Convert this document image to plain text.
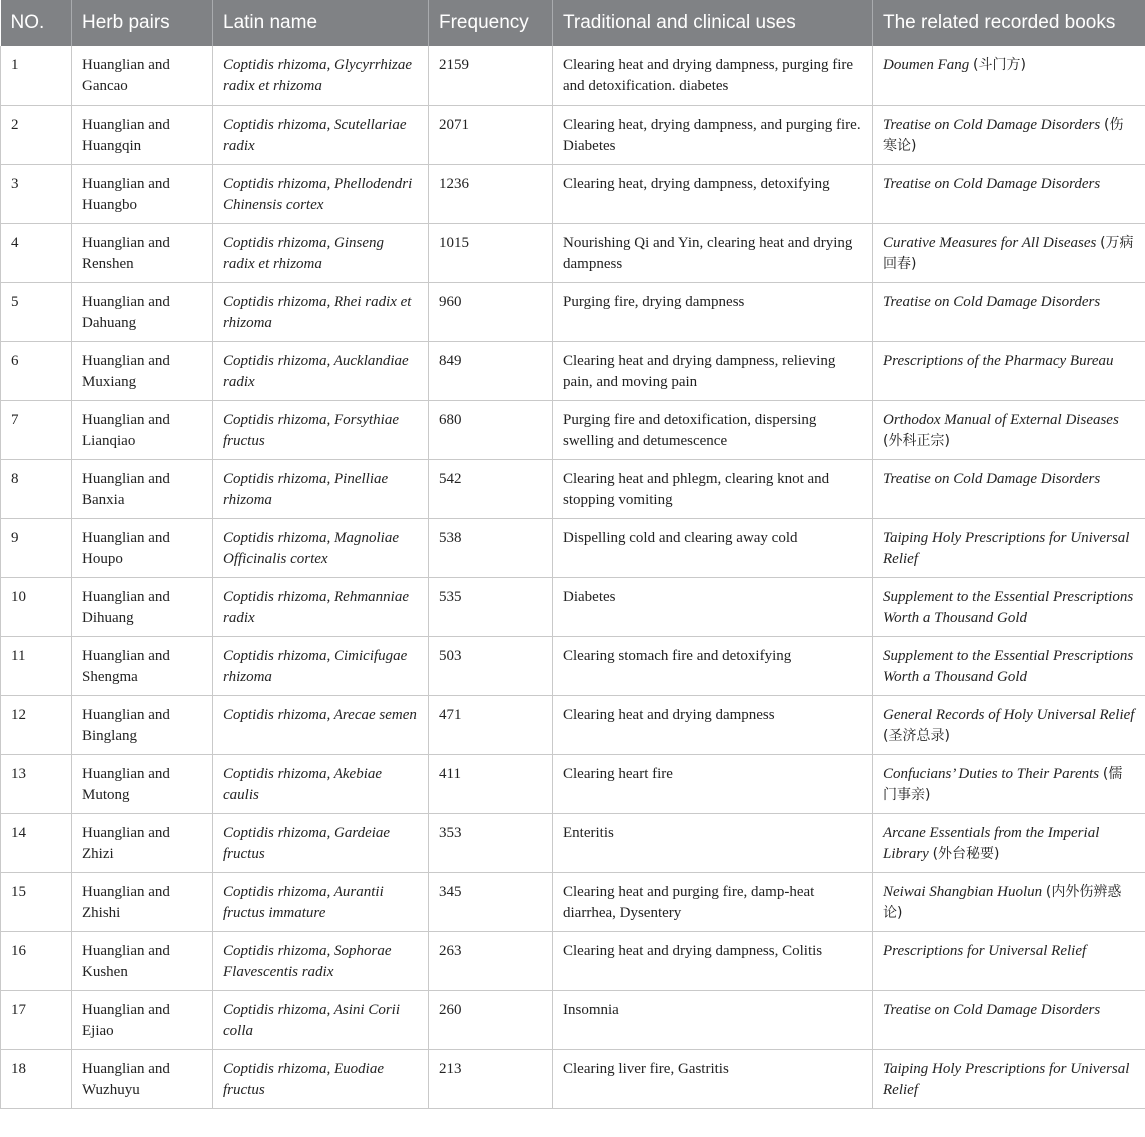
NO.	Herb pairs	Latin name	Frequency	Traditional and clinical uses	The related recorded books
1	Huanglian and Gancao	Coptidis rhizoma, Glycyrrhizae radix et rhizoma	2159	Clearing heat and drying dampness, purging fire and detoxification. diabetes	Doumen Fang (斗门方)
2	Huanglian and Huangqin	Coptidis rhizoma, Scutellariae radix	2071	Clearing heat, drying dampness, and purging fire. Diabetes	Treatise on Cold Damage Disorders (伤寒论)
3	Huanglian and Huangbo	Coptidis rhizoma, Phellodendri Chinensis cortex	1236	Clearing heat, drying dampness, detoxifying	Treatise on Cold Damage Disorders
4	Huanglian and Renshen	Coptidis rhizoma, Ginseng radix et rhizoma	1015	Nourishing Qi and Yin, clearing heat and drying dampness	Curative Measures for All Diseases (万病回春)
5	Huanglian and Dahuang	Coptidis rhizoma, Rhei radix et rhizoma	960	Purging fire, drying dampness	Treatise on Cold Damage Disorders
6	Huanglian and Muxiang	Coptidis rhizoma, Aucklandiae radix	849	Clearing heat and drying dampness, relieving pain, and moving pain	Prescriptions of the Pharmacy Bureau
7	Huanglian and Lianqiao	Coptidis rhizoma, Forsythiae fructus	680	Purging fire and detoxification, dispersing swelling and detumescence	Orthodox Manual of External Diseases (外科正宗)
8	Huanglian and Banxia	Coptidis rhizoma, Pinelliae rhizoma	542	Clearing heat and phlegm, clearing knot and stopping vomiting	Treatise on Cold Damage Disorders
9	Huanglian and Houpo	Coptidis rhizoma, Magnoliae Officinalis cortex	538	Dispelling cold and clearing away cold	Taiping Holy Prescriptions for Universal Relief
10	Huanglian and Dihuang	Coptidis rhizoma, Rehmanniae radix	535	Diabetes	Supplement to the Essential Prescriptions Worth a Thousand Gold
11	Huanglian and Shengma	Coptidis rhizoma, Cimicifugae rhizoma	503	Clearing stomach fire and detoxifying	Supplement to the Essential Prescriptions Worth a Thousand Gold
12	Huanglian and Binglang	Coptidis rhizoma, Arecae semen	471	Clearing heat and drying dampness	General Records of Holy Universal Relief (圣济总录)
13	Huanglian and Mutong	Coptidis rhizoma, Akebiae caulis	411	Clearing heart fire	Confucians’ Duties to Their Parents (儒门事亲)
14	Huanglian and Zhizi	Coptidis rhizoma, Gardeiae fructus	353	Enteritis	Arcane Essentials from the Imperial Library (外台秘要)
15	Huanglian and Zhishi	Coptidis rhizoma, Aurantii fructus immature	345	Clearing heat and purging fire, damp-heat diarrhea, Dysentery	Neiwai Shangbian Huolun (内外伤辨惑论)
16	Huanglian and Kushen	Coptidis rhizoma, Sophorae Flavescentis radix	263	Clearing heat and drying dampness, Colitis	Prescriptions for Universal Relief
17	Huanglian and Ejiao	Coptidis rhizoma, Asini Corii colla	260	Insomnia	Treatise on Cold Damage Disorders
18	Huanglian and Wuzhuyu	Coptidis rhizoma, Euodiae fructus	213	Clearing liver fire, Gastritis	Taiping Holy Prescriptions for Universal Relief
